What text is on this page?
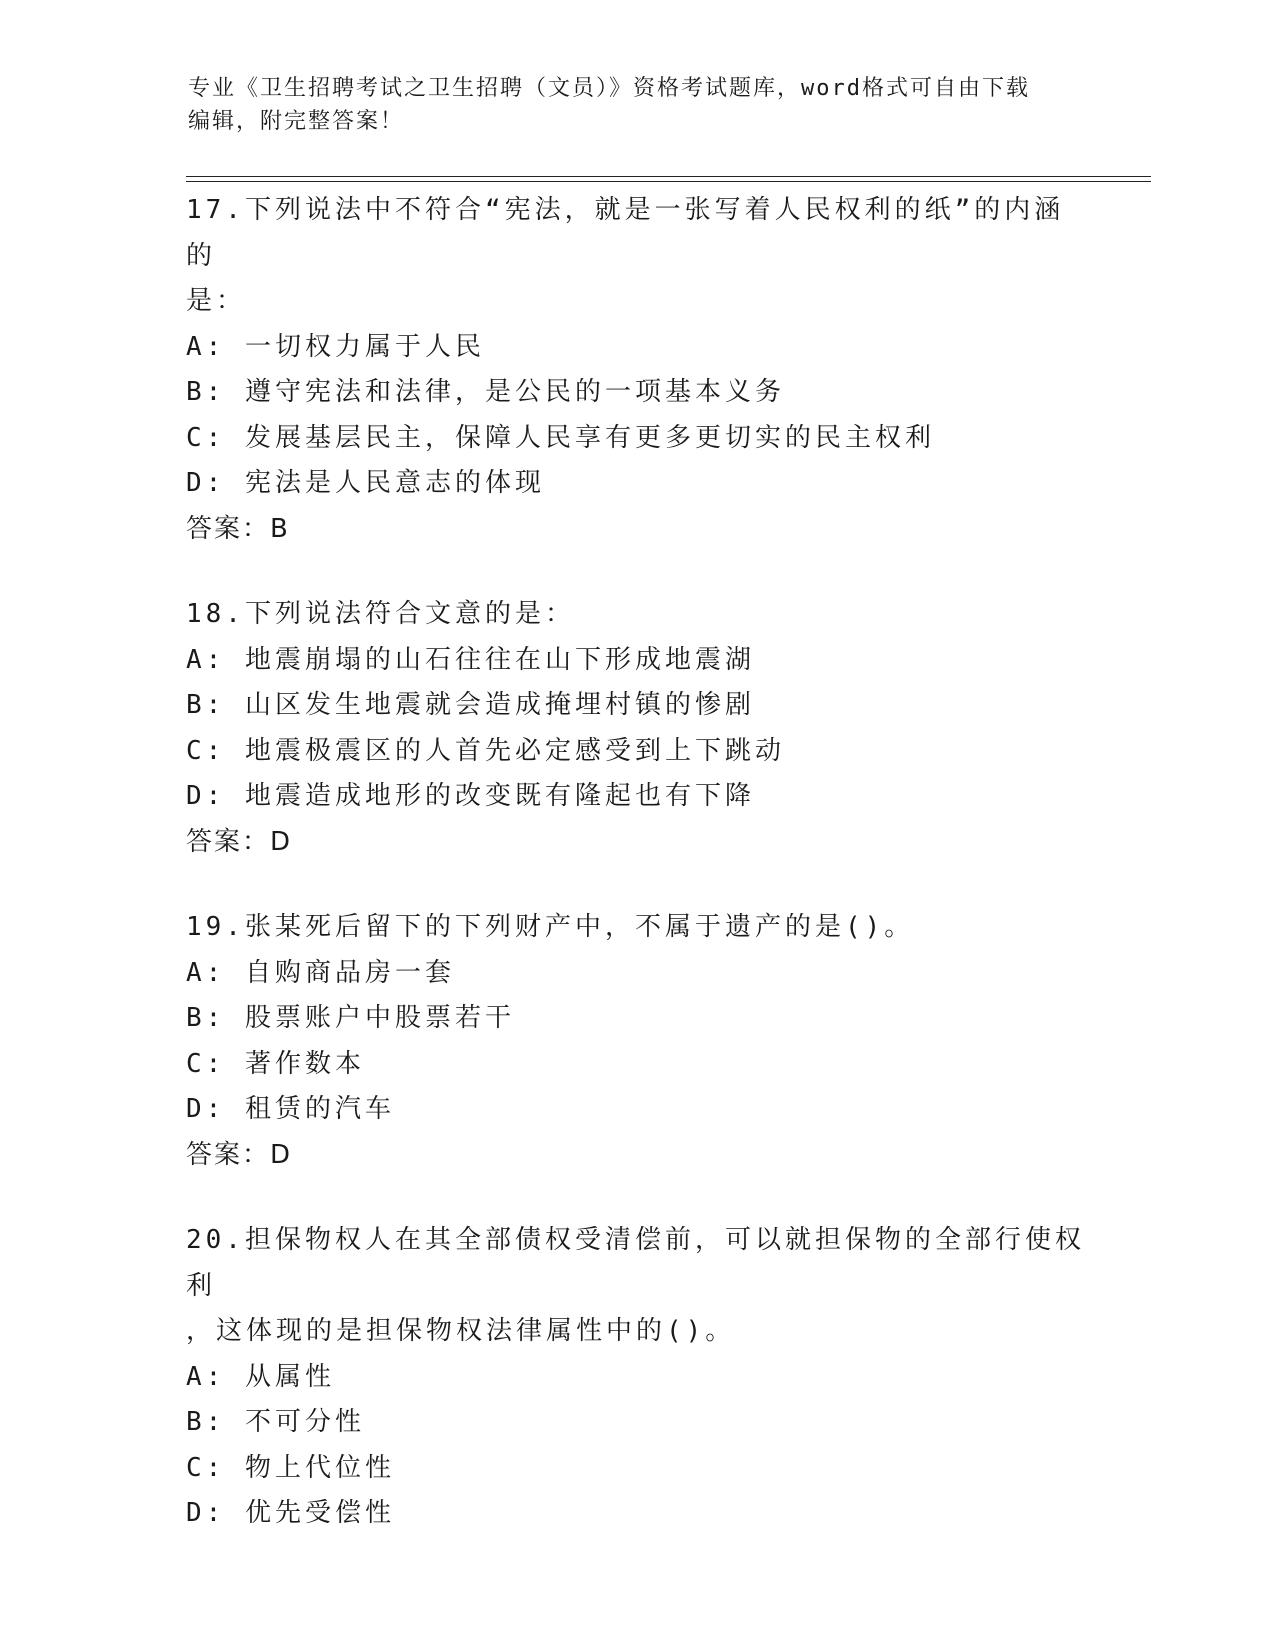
专业《卫生招聘考试之卫生招聘（文员）》资格考试题库，word格式可自由下载
编辑，附完整答案！
17.下列说法中不符合“宪法，就是一张写着人民权利的纸”的内涵的
是：
A: 一切权力属于人民
B: 遵守宪法和法律，是公民的一项基本义务
C: 发展基层民主，保障人民享有更多更切实的民主权利
D: 宪法是人民意志的体现
答案：B
18.下列说法符合文意的是：
A: 地震崩塌的山石往往在山下形成地震湖
B: 山区发生地震就会造成掩埋村镇的惨剧
C: 地震极震区的人首先必定感受到上下跳动
D: 地震造成地形的改变既有隆起也有下降
答案：D
19.张某死后留下的下列财产中，不属于遗产的是()。
A: 自购商品房一套
B: 股票账户中股票若干
C: 著作数本
D: 租赁的汽车
答案：D
20.担保物权人在其全部债权受清偿前，可以就担保物的全部行使权利
，这体现的是担保物权法律属性中的()。
A: 从属性
B: 不可分性
C: 物上代位性
D: 优先受偿性
